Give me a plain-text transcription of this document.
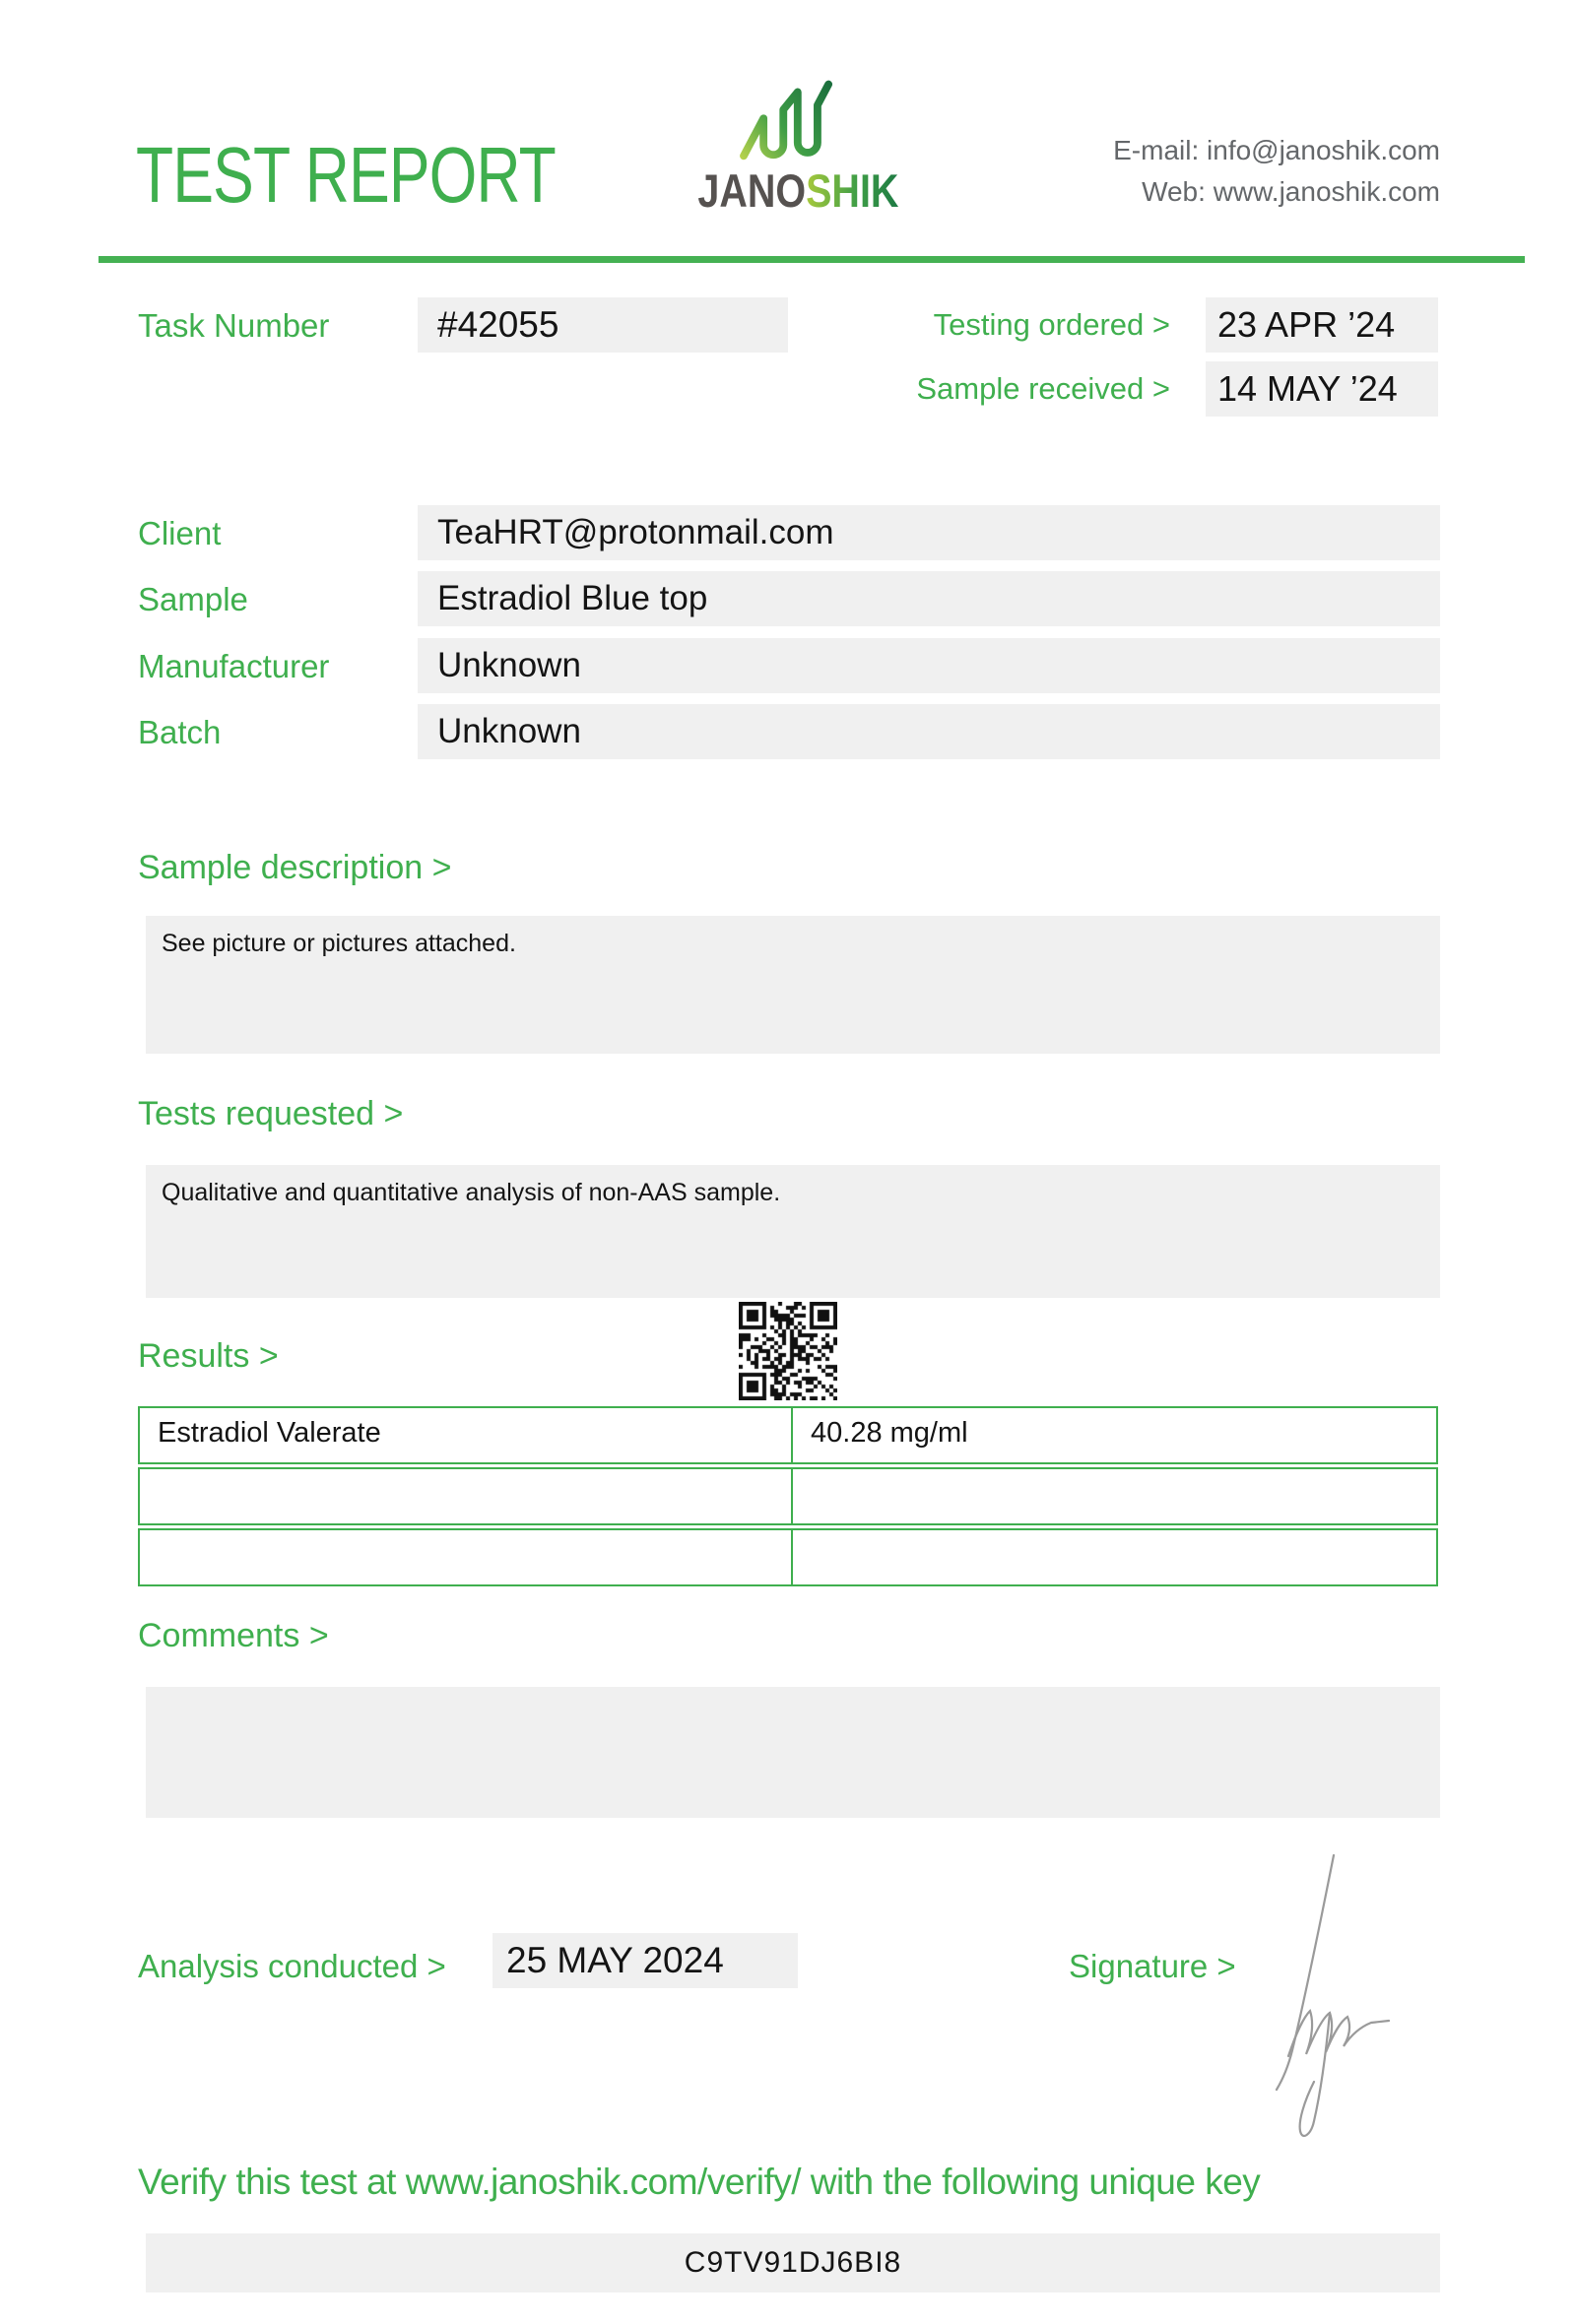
TEST REPORT	JANOSHIK
E-mail: info@janoshik.com
Web: www.janoshik.com
Task Number	#42055	Testing ordered >	23 APR ’24
Sample received >	14 MAY ’24
Client	TeaHRT@protonmail.com
Sample	Estradiol Blue top
Manufacturer	Unknown
Batch	Unknown
Sample description >
See picture or pictures attached.
Tests requested >
Qualitative and quantitative analysis of non-AAS sample.
Results >
Estradiol Valerate	40.28 mg/ml
Comments >
Analysis conducted >	25 MAY 2024	Signature >
Verify this test at www.janoshik.com/verify/ with the following unique key
C9TV91DJ6BI8
